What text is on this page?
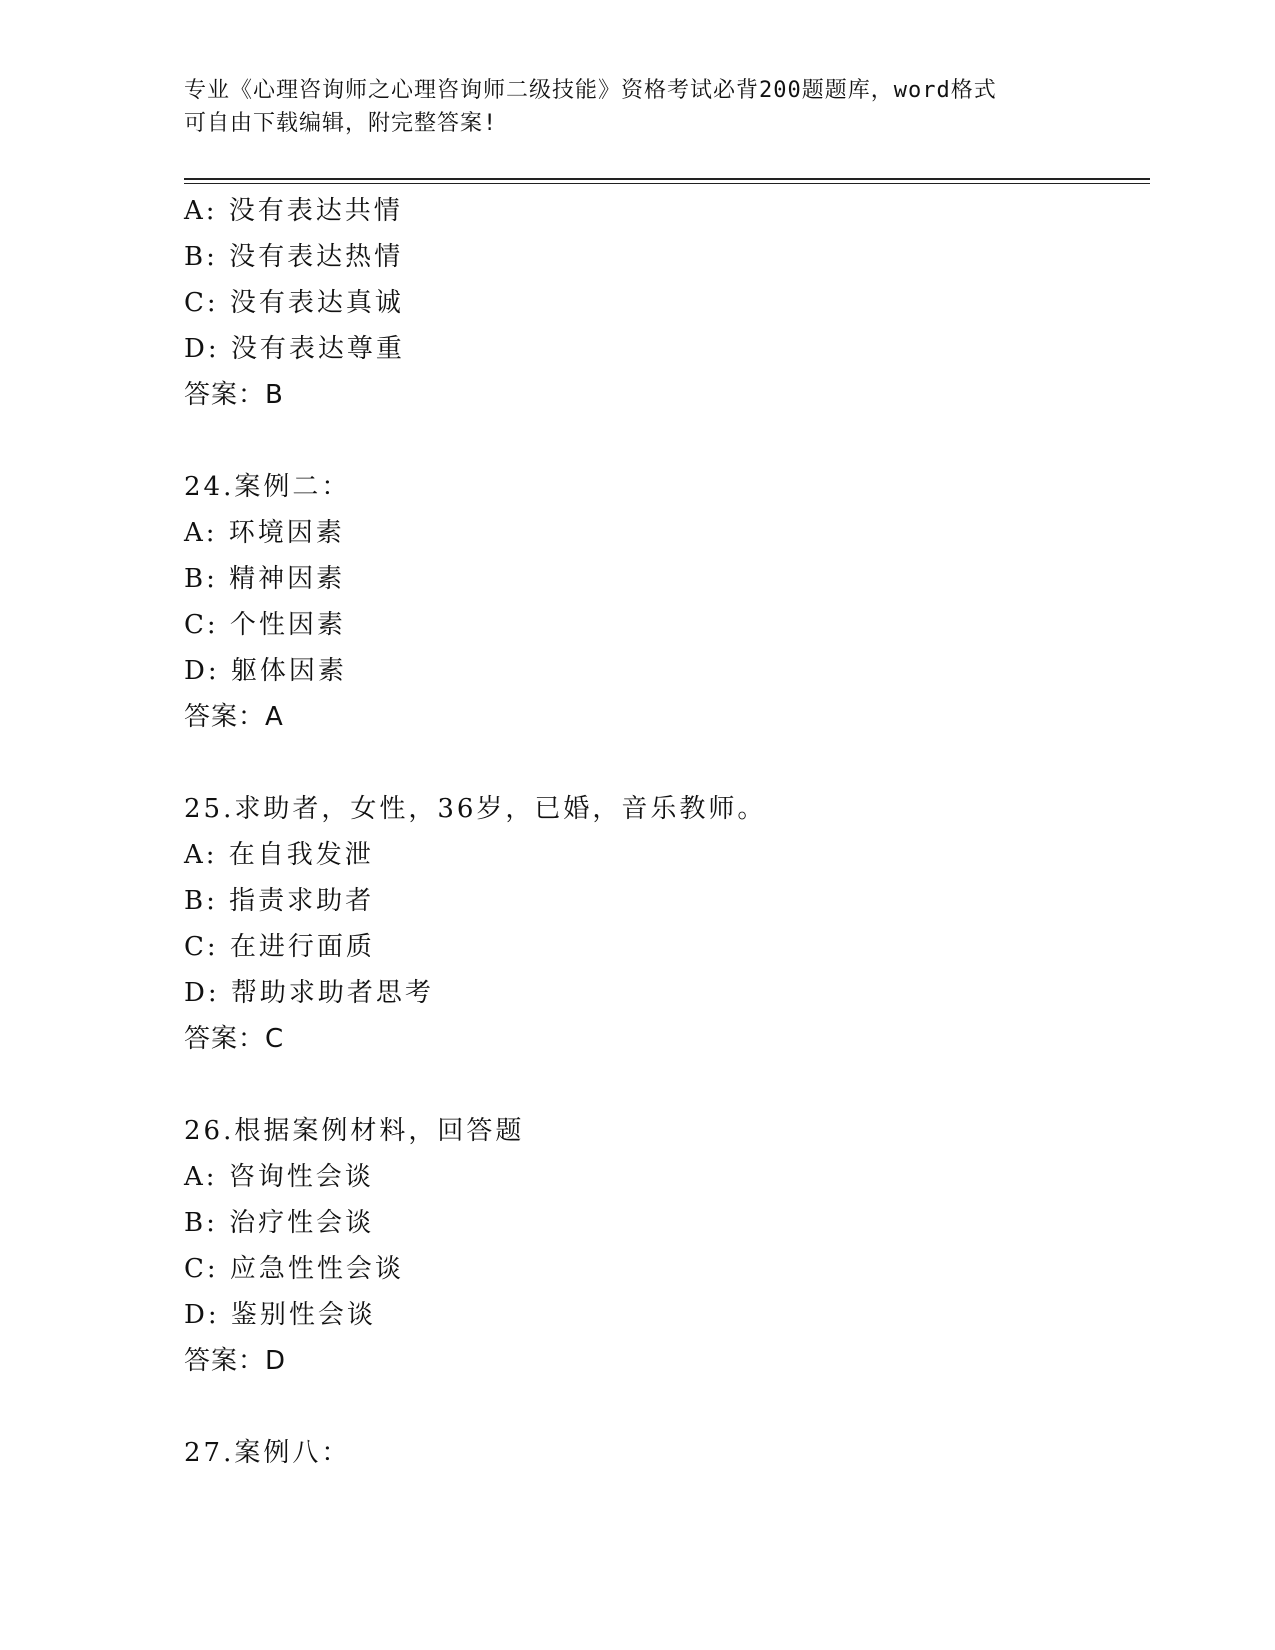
专业《心理咨询师之心理咨询师二级技能》资格考试必背200题题库，word格式
可自由下载编辑，附完整答案!
A: 没有表达共情
B: 没有表达热情
C: 没有表达真诚
D: 没有表达尊重
答案：B
24.案例二：
A: 环境因素
B: 精神因素
C: 个性因素
D: 躯体因素
答案：A
25.求助者，女性，36岁，已婚，音乐教师。
A: 在自我发泄
B: 指责求助者
C: 在进行面质
D: 帮助求助者思考
答案：C
26.根据案例材料，回答题
A: 咨询性会谈
B: 治疗性会谈
C: 应急性性会谈
D: 鉴别性会谈
答案：D
27.案例八：
